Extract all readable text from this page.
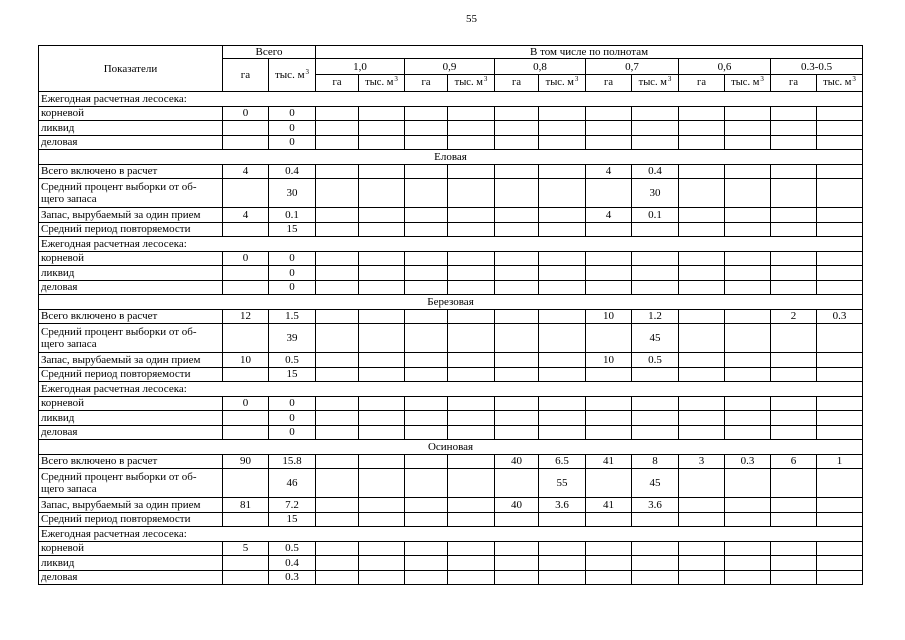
55
Показатели	Всего		В том числе по полнотам											
	га	тыс. $м^3$	1,0		0,9		0,8		0,7		0,6		0.3-0.5	
			га	тыс. $м^3$	га	тыс. $м^3$	га	тыс. $м^3$	га	тыс. $м^3$	га	тыс. $м^3$	га	тыс. $м^3$
Ежегодная расчетная лесосека:														
корневой	0	0												
ликвид		0												
деловая		0												
Еловая														
Всего включено в расчет	4	0.4							4	0.4				
Средний процент выборки от об-
щего запаса		30								30				
Запас, вырубаемый за один прием	4	0.1							4	0.1				
Средний период повторяемости		15												
Ежегодная расчетная лесосека:														
корневой	0	0												
ликвид		0												
деловая		0												
Березовая														
Всего включено в расчет	12	1.5							10	1.2			2	0.3
Средний процент выборки от об-
щего запаса		39								45				
Запас, вырубаемый за один прием	10	0.5							10	0.5				
Средний период повторяемости		15												
Ежегодная расчетная лесосека:														
корневой	0	0												
ликвид		0												
деловая		0												
Осиновая														
Всего включено в расчет	90	15.8					40	6.5	41	8	3	0.3	6	1
Средний процент выборки от об-
щего запаса		46						55		45				
Запас, вырубаемый за один прием	81	7.2					40	3.6	41	3.6				
Средний период повторяемости		15												
Ежегодная расчетная лесосека:														
корневой	5	0.5												
ликвид		0.4												
деловая		0.3												
